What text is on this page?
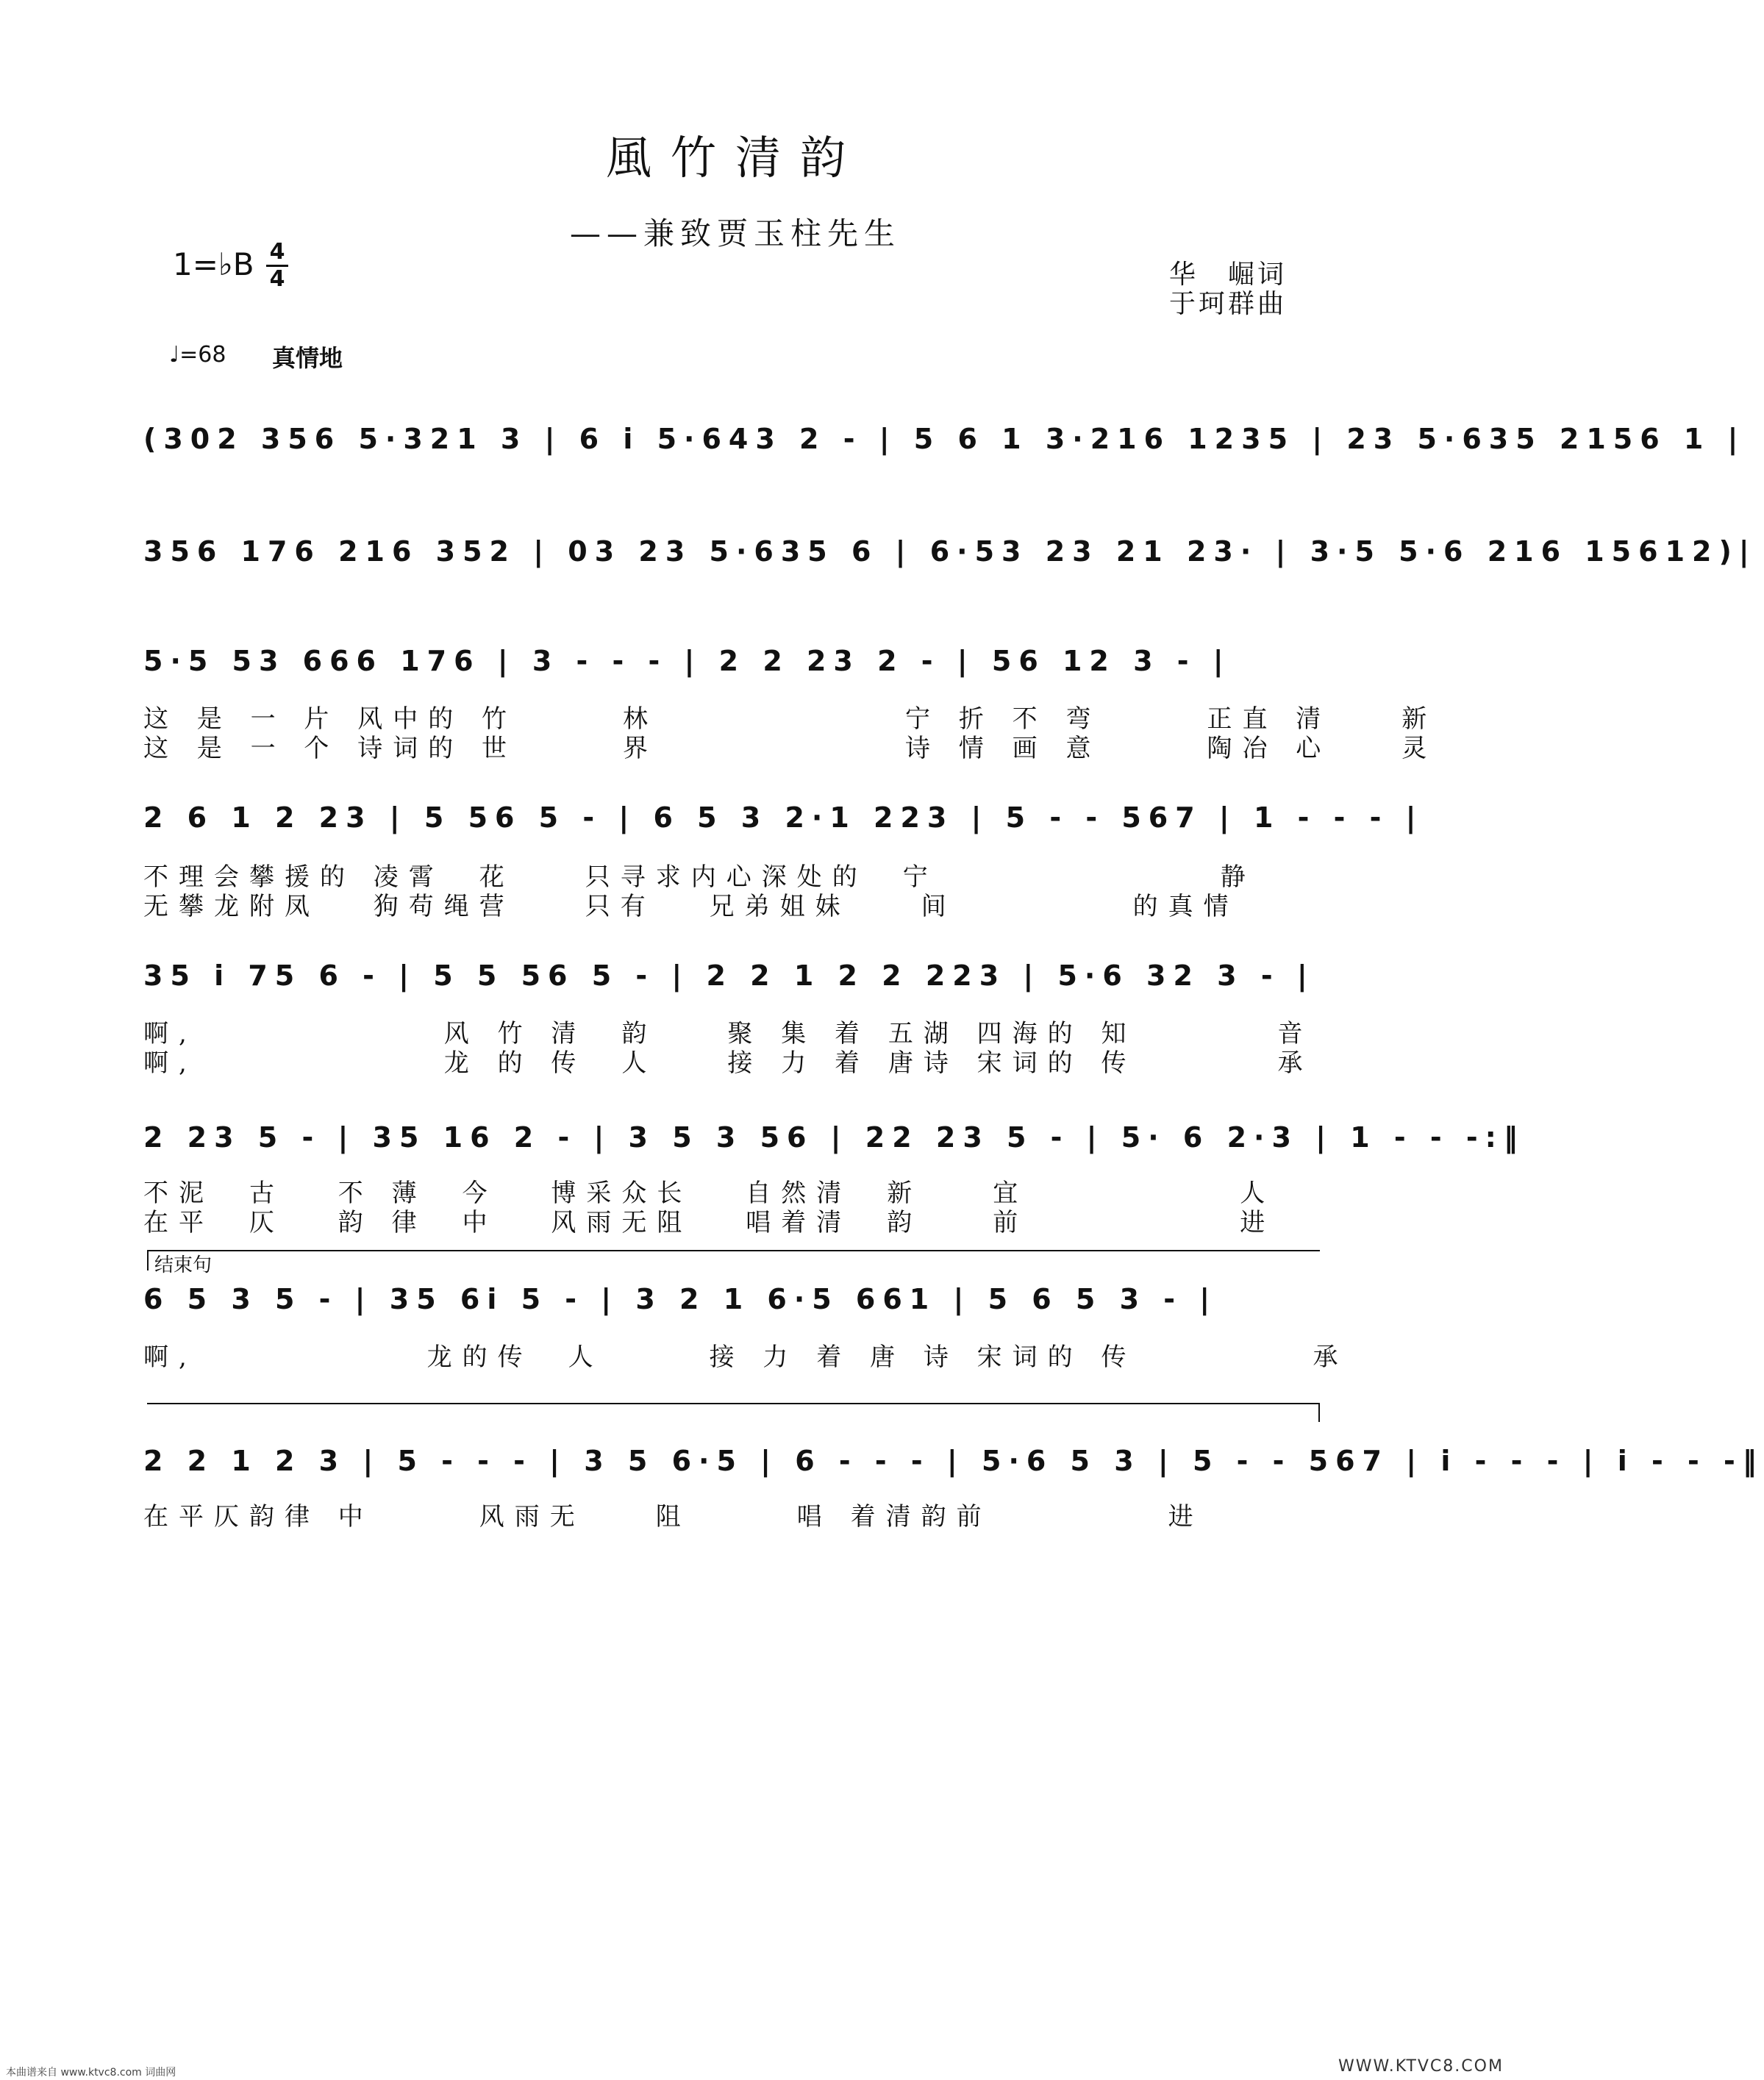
風竹清韵
——兼致贾玉柱先生
1=♭B $\frac{4}{4}$	华　崛词
于珂群曲
♩=68 真情地
(302 356 5·321 3 | 6 i 5·643 2 - | 5 6 1 3·216 1235 | 23 5·635 2156 1 |
356 176 216 352 | 03 23 5·635 6 | 6·53 23 21 23· | 3·5 5·6 216 15612)|
5·5 53 666 176 | 3 - - - | 2 2 23 2 - | 56 12 3 - |
这 是 一 片 风中的 竹　　　林　　　　　　　宁 折 不 弯　　　正直 清　　新
这 是 一 个 诗词的 世　　　界　　　　　　　诗 情 画 意　　　陶冶 心　　灵
2 6 1 2 23 | 5 56 5 - | 6 5 3 2·1 223 | 5 - - 567 | 1 - - - |
不理会攀援的 凌霄　花　　只寻求内心深处的　宁　　　　　　　　静
无攀龙附凤　 狗苟绳营　　只有　 兄弟姐妹　　间　　　　　的真情
35 i 75 6 - | 5 5 56 5 - | 2 2 1 2 2 223 | 5·6 32 3 - |
啊,　　　　　　　风 竹 清　韵　　聚 集 着 五湖 四海的 知　　　　音
啊,　　　　　　　龙 的 传　人　　接 力 着 唐诗 宋词的 传　　　　承
2 23 5 - | 35 16 2 - | 3 5 3 56 | 22 23 5 - | 5· 6 2·3 | 1 - - -:‖
不泥　古　 不 薄　今　 博采众长　 自然清　新　　宜　　　　　　人
在平　仄　 韵 律　中　 风雨无阻　 唱着清　韵　　前　　　　　　进
结束句
6 5 3 5 - | 35 6i 5 - | 3 2 1 6·5 661 | 5 6 5 3 - |
啊,　　　　　　 龙的传　人　　　接 力 着 唐 诗 宋词的 传　　　　　承
2 2 1 2 3 | 5 - - - | 3 5 6·5 | 6 - - - | 5·6 5 3 | 5 - - 567 | i - - - | i - - -‖
在平仄韵律 中　　　风雨无　　阻　　　唱 着清韵前　　　　　进
本曲谱来自 www.ktvc8.com 词曲网	WWW.KTVC8.COM
